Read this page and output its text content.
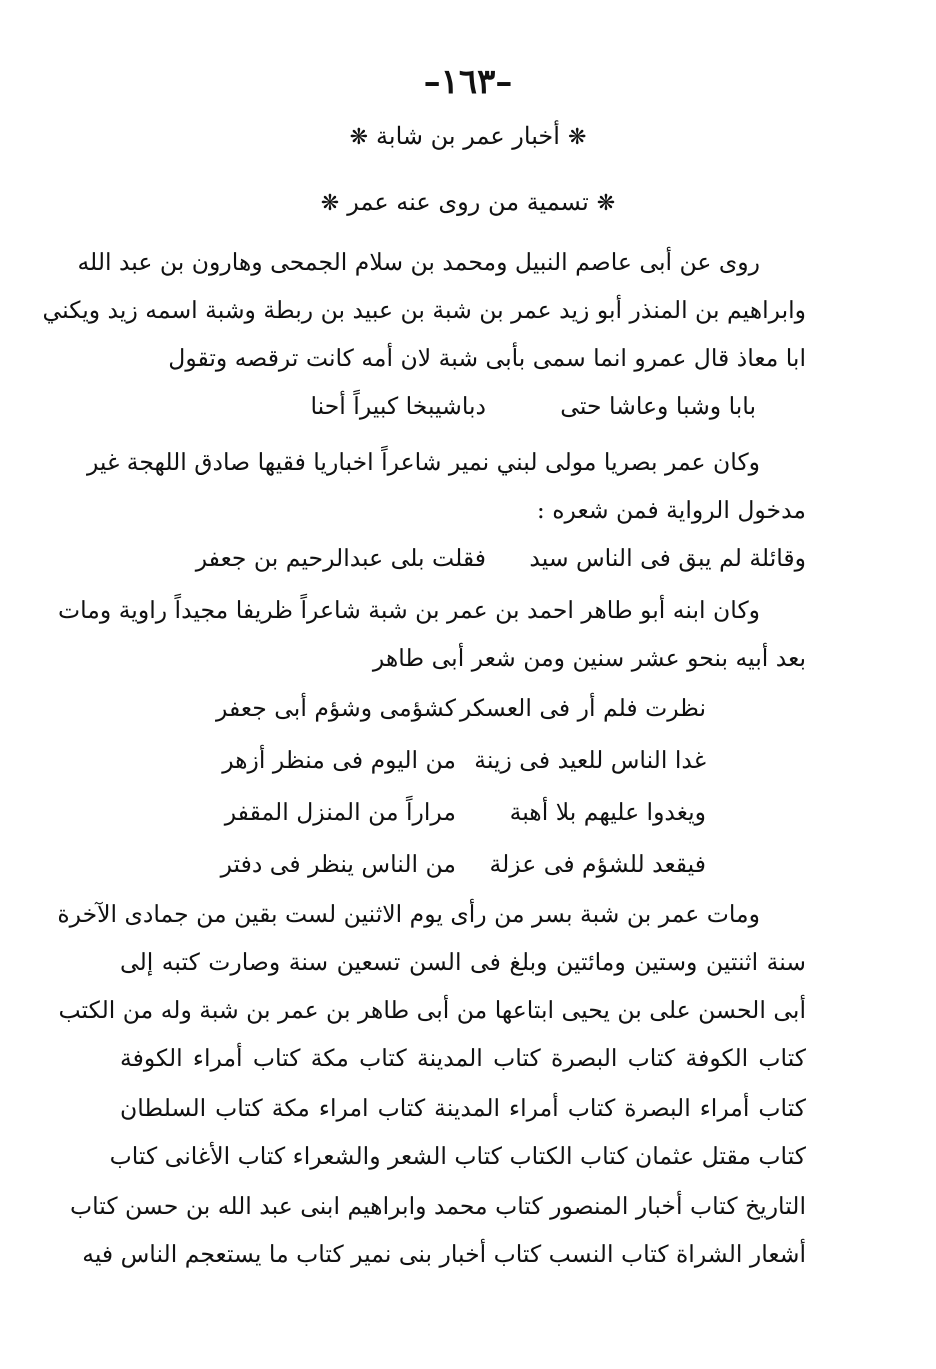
–١٦٣–
❋أخبار عمر بن شابة❋
❋تسمية من روى عنه عمر❋
روى عن أبى عاصم النبيل ومحمد بن سلام الجمحى وهارون بن عبد الله
وابراهيم بن المنذر أبو زيد عمر بن شبة بن عبيد بن ربطة وشبة اسمه زيد ويكني
ابا معاذ قال عمرو انما سمى بأبى شبة لان أمه كانت ترقصه وتقول
بابا وشبا وعاشا حتى
دباشيبخا كبيراً أحنا
وكان عمر بصريا مولى لبني نمير شاعراً اخباريا فقيها صادق اللهجة غير
مدخول الرواية فمن شعره :
وقائلة لم يبق فى الناس سيد
فقلت بلى عبدالرحيم بن جعفر
وكان ابنه أبو طاهر احمد بن عمر بن شبة شاعراً ظريفا مجيداً راوية ومات
بعد أبيه بنحو عشر سنين ومن شعر أبى طاهر
نظرت فلم أر فى العسكر
كشؤمى وشؤم أبى جعفر
غدا الناس للعيد فى زينة
من اليوم فى منظر أزهر
ويغدوا عليهم بلا أهبة
مراراً من المنزل المقفر
فيقعد للشؤم فى عزلة
من الناس ينظر فى دفتر
ومات عمر بن شبة بسر من رأى يوم الاثنين لست بقين من جمادى الآخرة
سنة اثنتين وستين ومائتين وبلغ فى السن تسعين سنة وصارت كتبه إلى
أبى الحسن على بن يحيى ابتاعها من أبى طاهر بن عمر بن شبة وله من الكتب
كتاب الكوفة كتاب البصرة كتاب المدينة كتاب مكة كتاب أمراء الكوفة
كتاب أمراء البصرة كتاب أمراء المدينة كتاب امراء مكة كتاب السلطان
كتاب مقتل عثمان كتاب الكتاب كتاب الشعر والشعراء كتاب الأغانى كتاب
التاريخ كتاب أخبار المنصور كتاب محمد وابراهيم ابنى عبد الله بن حسن كتاب
أشعار الشراة كتاب النسب كتاب أخبار بنى نمير كتاب ما يستعجم الناس فيه
